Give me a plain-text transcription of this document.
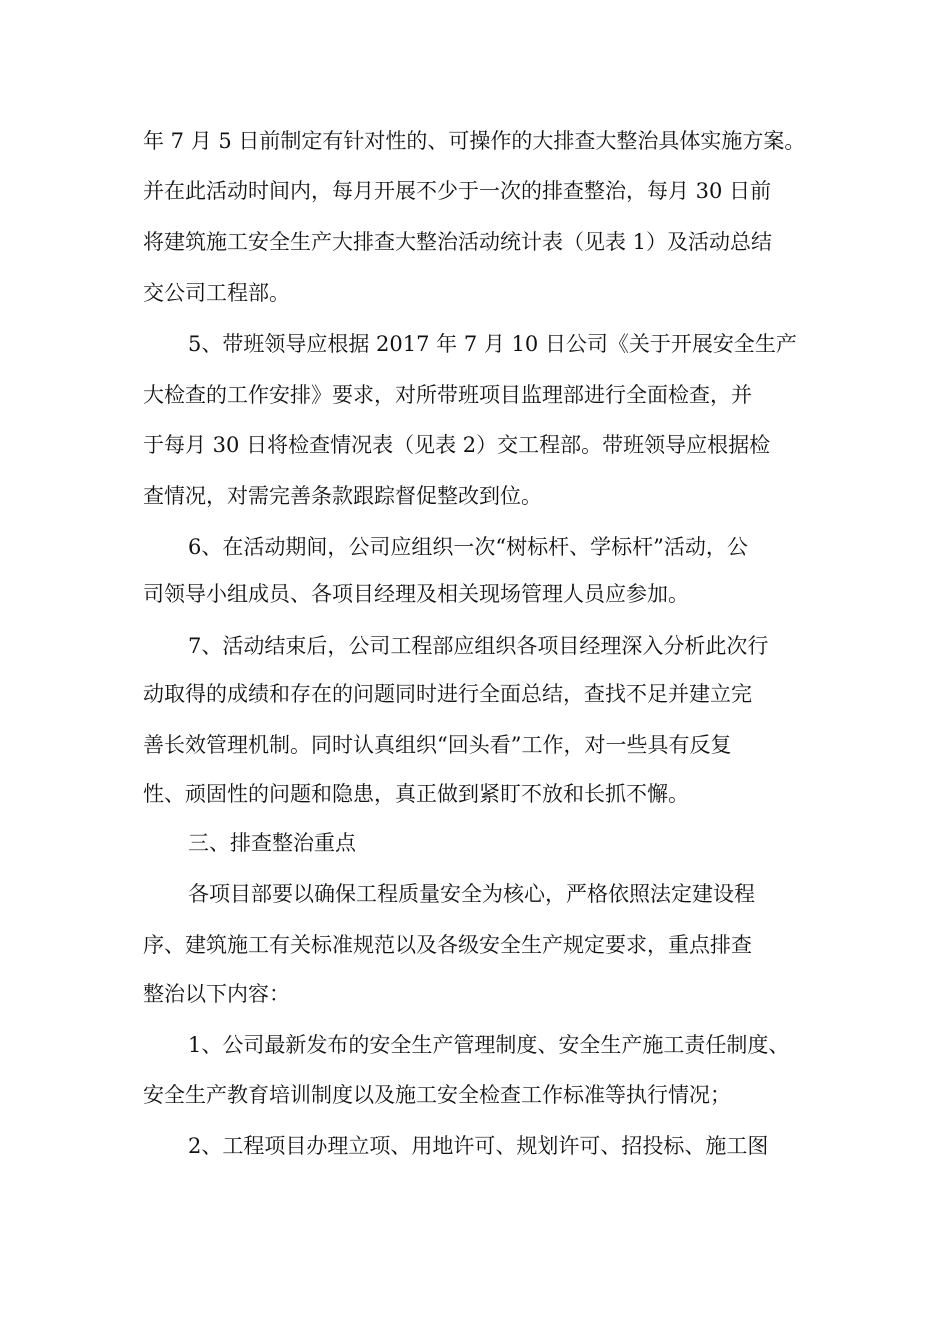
年 7 月 5 日前制定有针对性的、可操作的大排查大整治具体实施方案。
并在此活动时间内，每月开展不少于一次的排查整治，每月 30 日前
将建筑施工安全生产大排查大整治活动统计表（见表 1）及活动总结
交公司工程部。
5、带班领导应根据 2017 年 7 月 10 日公司《关于开展安全生产
大检查的工作安排》要求，对所带班项目监理部进行全面检查，并
于每月 30 日将检查情况表（见表 2）交工程部。带班领导应根据检
查情况，对需完善条款跟踪督促整改到位。
6、在活动期间，公司应组织一次“树标杆、学标杆”活动，公
司领导小组成员、各项目经理及相关现场管理人员应参加。
7、活动结束后，公司工程部应组织各项目经理深入分析此次行
动取得的成绩和存在的问题同时进行全面总结，查找不足并建立完
善长效管理机制。同时认真组织“回头看”工作，对一些具有反复
性、顽固性的问题和隐患，真正做到紧盯不放和长抓不懈。
三、排查整治重点
各项目部要以确保工程质量安全为核心，严格依照法定建设程
序、建筑施工有关标准规范以及各级安全生产规定要求，重点排查
整治以下内容：
1、公司最新发布的安全生产管理制度、安全生产施工责任制度、
安全生产教育培训制度以及施工安全检查工作标准等执行情况；
2、工程项目办理立项、用地许可、规划许可、招投标、施工图
